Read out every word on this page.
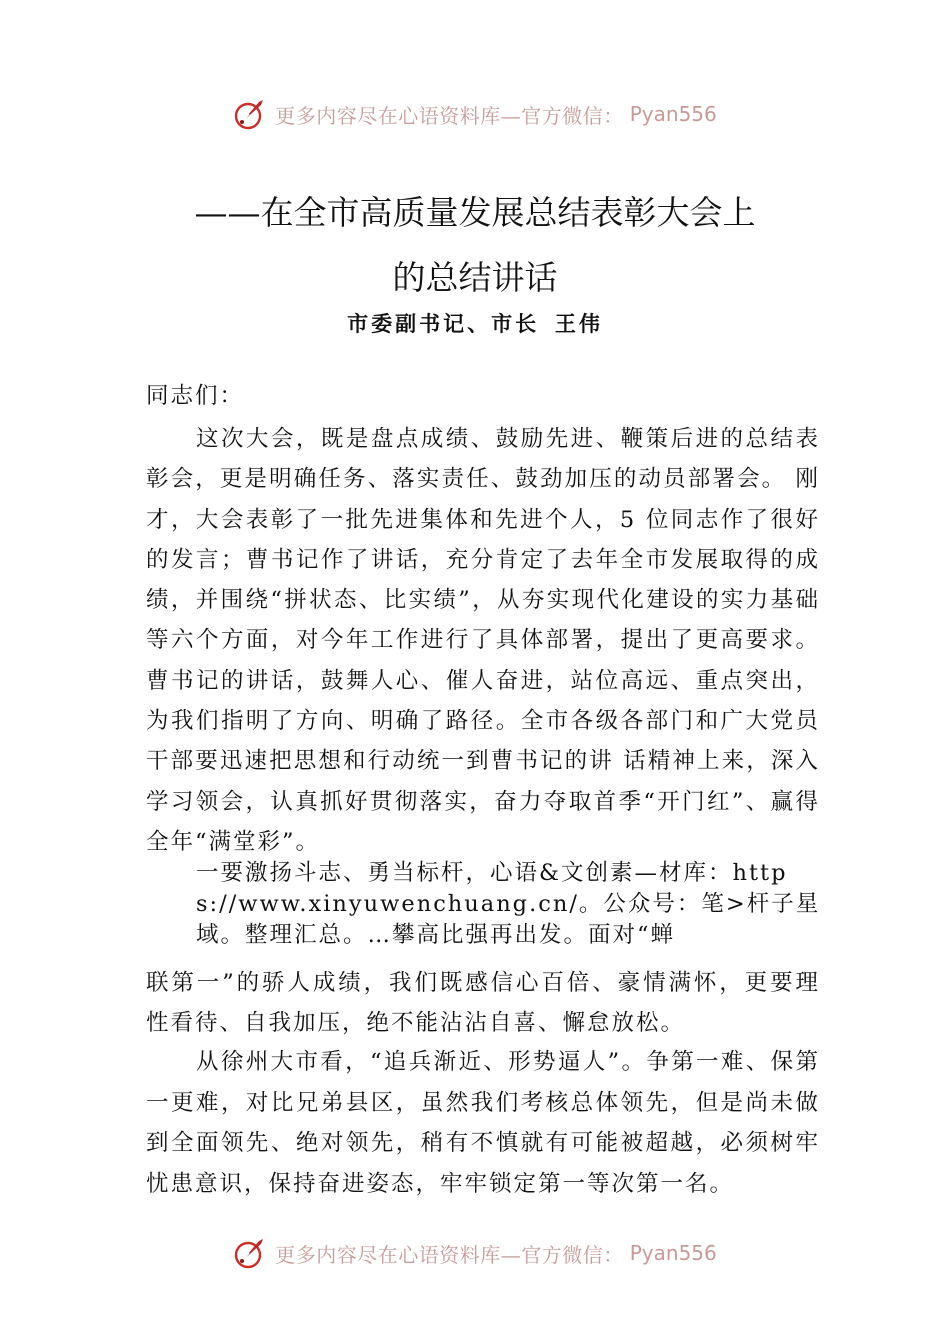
更多内容尽在心语资料库—官方微信： Pyan556
——在全市高质量发展总结表彰大会上
的总结讲话
市委副书记、市长 王伟
同志们：
这次大会，既是盘点成绩、鼓励先进、鞭策后进的总结表彰会，更是明确任务、落实责任、鼓劲加压的动员部署会。 刚才，大会表彰了一批先进集体和先进个人，5 位同志作了很好的发言；曹书记作了讲话，充分肯定了去年全市发展取得的成绩，并围绕“拼状态、比实绩”，从夯实现代化建设的实力基础等六个方面，对今年工作进行了具体部署，提出了更高要求。曹书记的讲话，鼓舞人心、催人奋进，站位高远、重点突出，为我们指明了方向、明确了路径。全市各级各部门和广大党员干部要迅速把思想和行动统一到曹书记的讲 话精神上来，深入学习领会，认真抓好贯彻落实，奋力夺取首季“开门红”、赢得全年“满堂彩”。
一要激扬斗志、勇当标杆，心语&文创素—材库：https://www.xinyuwenchuang.cn/。公众号：笔>杆子星域。整理汇总。…攀高比强再出发。面对“蝉
联第一”的骄人成绩，我们既感信心百倍、豪情满怀，更要理性看待、自我加压，绝不能沾沾自喜、懈怠放松。
从徐州大市看，“追兵渐近、形势逼人”。争第一难、保第一更难，对比兄弟县区，虽然我们考核总体领先，但是尚未做到全面领先、绝对领先，稍有不慎就有可能被超越，必须树牢忧患意识，保持奋进姿态，牢牢锁定第一等次第一名。
更多内容尽在心语资料库—官方微信： Pyan556
